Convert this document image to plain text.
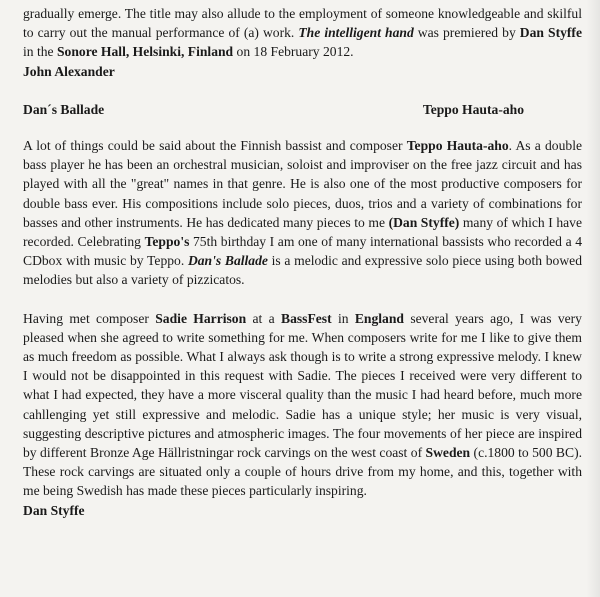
gradually emerge. The title may also allude to the employment of someone knowledgeable and skilful to carry out the manual performance of (a) work. The intelligent hand was premiered by Dan Styffe in the Sonore Hall, Helsinki, Finland on 18 February 2012.

John Alexander
Dan´s Ballade	Teppo Hauta-aho

A lot of things could be said about the Finnish bassist and composer Teppo Hauta-aho. As a double bass player he has been an orchestral musician, soloist and improviser on the free jazz circuit and has played with all the "great" names in that genre. He is also one of the most productive composers for double bass ever. His compositions include solo pieces, duos, trios and a variety of combinations for basses and other instruments. He has dedicated many pieces to me (Dan Styffe) many of which I have recorded. Celebrating Teppo's 75th birthday I am one of many international bassists who recorded a 4 CDbox with music by Teppo. Dan's Ballade is a melodic and expressive solo piece using both bowed melodies but also a variety of pizzicatos.

Having met composer Sadie Harrison at a BassFest in England several years ago, I was very pleased when she agreed to write something for me. When composers write for me I like to give them as much freedom as possible. What I always ask though is to write a strong expressive melody. I knew I would not be disappointed in this request with Sadie. The pieces I received were very different to what I had expected, they have a more visceral quality than the music I had heard before, much more cahllenging yet still expressive and melodic. Sadie has a unique style; her music is very visual, suggesting descriptive pictures and atmospheric images. The four movements of her piece are inspired by different Bronze Age Hällristningar rock carvings on the west coast of Sweden (c.1800 to 500 BC). These rock carvings are situated only a couple of hours drive from my home, and this, together with me being Swedish has made these pieces particularly inspiring.

Dan Styffe
